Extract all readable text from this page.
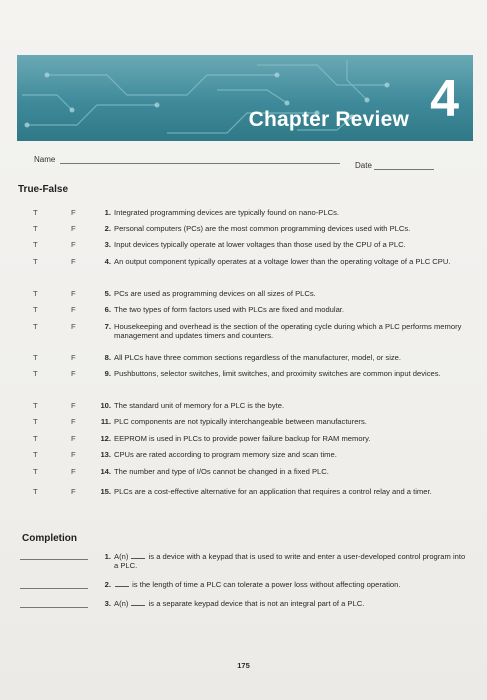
Chapter Review 4
Name
Date
True-False
T	F	1. Integrated programming devices are typically found on nano-PLCs.
T	F	2. Personal computers (PCs) are the most common programming devices used with PLCs.
T	F	3. Input devices typically operate at lower voltages than those used by the CPU of a PLC.
T	F	4. An output component typically operates at a voltage lower than the operating voltage of a PLC CPU.
T	F	5. PCs are used as programming devices on all sizes of PLCs.
T	F	6. The two types of form factors used with PLCs are fixed and modular.
T	F	7. Housekeeping and overhead is the section of the operating cycle during which a PLC performs memory management and updates timers and counters.
T	F	8. All PLCs have three common sections regardless of the manufacturer, model, or size.
T	F	9. Pushbuttons, selector switches, limit switches, and proximity switches are common input devices.
T	F	10. The standard unit of memory for a PLC is the byte.
T	F	11. PLC components are not typically interchangeable between manufacturers.
T	F	12. EEPROM is used in PLCs to provide power failure backup for RAM memory.
T	F	13. CPUs are rated according to program memory size and scan time.
T	F	14. The number and type of I/Os cannot be changed in a fixed PLC.
T	F	15. PLCs are a cost-effective alternative for an application that requires a control relay and a timer.
Completion
1. A(n)	is a device with a keypad that is used to write and enter a user-developed control program into a PLC.
2.	is the length of time a PLC can tolerate a power loss without affecting operation.
3. A(n)	is a separate keypad device that is not an integral part of a PLC.
175
